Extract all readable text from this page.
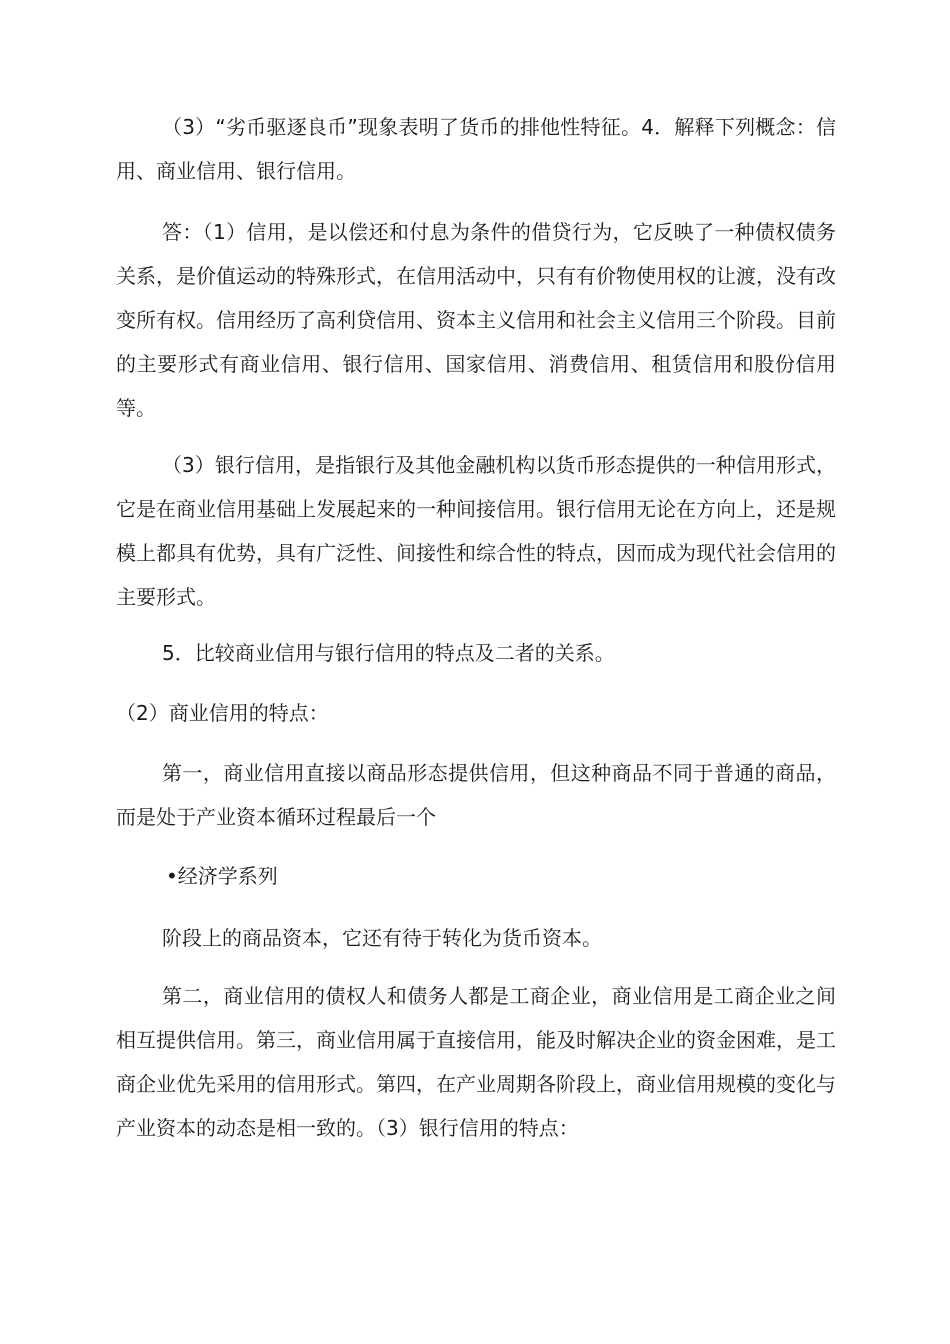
（3）“劣币驱逐良币”现象表明了货币的排他性特征。4．解释下列概念：信用、商业信用、银行信用。

答：（1）信用，是以偿还和付息为条件的借贷行为，它反映了一种债权债务关系，是价值运动的特殊形式，在信用活动中，只有有价物使用权的让渡，没有改变所有权。信用经历了高利贷信用、资本主义信用和社会主义信用三个阶段。目前的主要形式有商业信用、银行信用、国家信用、消费信用、租赁信用和股份信用等。

（3）银行信用，是指银行及其他金融机构以货币形态提供的一种信用形式，它是在商业信用基础上发展起来的一种间接信用。银行信用无论在方向上，还是规模上都具有优势，具有广泛性、间接性和综合性的特点，因而成为现代社会信用的主要形式。

5．比较商业信用与银行信用的特点及二者的关系。

（2）商业信用的特点：

第一，商业信用直接以商品形态提供信用，但这种商品不同于普通的商品，而是处于产业资本循环过程最后一个

•经济学系列

阶段上的商品资本，它还有待于转化为货币资本。

第二，商业信用的债权人和债务人都是工商企业，商业信用是工商企业之间相互提供信用。第三，商业信用属于直接信用，能及时解决企业的资金困难，是工商企业优先采用的信用形式。第四，在产业周期各阶段上，商业信用规模的变化与产业资本的动态是相一致的。（3）银行信用的特点：
